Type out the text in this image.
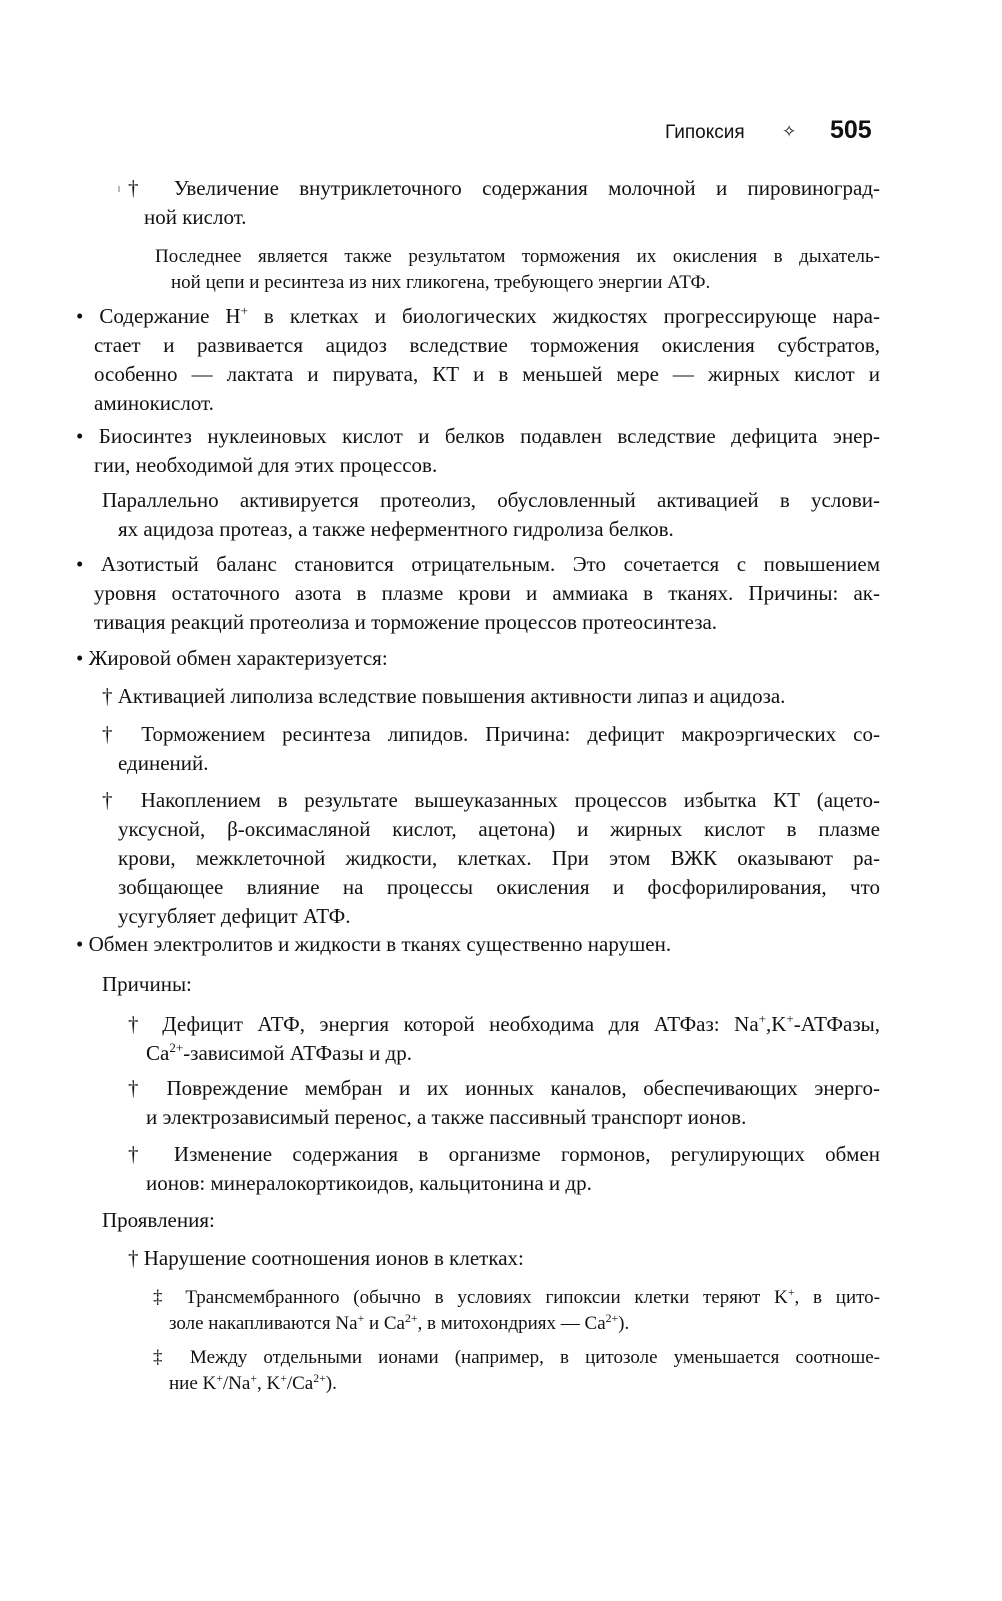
Гипоксия ✧ 505
† Увеличение внутриклеточного содержания молочной и пировиноград-
ной кислот.
Последнее является также результатом торможения их окисления в дыхатель-
ной цепи и ресинтеза из них гликогена, требующего энергии АТФ.
• Содержание H+ в клетках и биологических жидкостях прогрессирующе нара-
стает и развивается ацидоз вследствие торможения окисления субстратов,
особенно — лактата и пирувата, КТ и в меньшей мере — жирных кислот и
аминокислот.
• Биосинтез нуклеиновых кислот и белков подавлен вследствие дефицита энер-
гии, необходимой для этих процессов.
Параллельно активируется протеолиз, обусловленный активацией в услови-
ях ацидоза протеаз, а также неферментного гидролиза белков.
• Азотистый баланс становится отрицательным. Это сочетается с повышением
уровня остаточного азота в плазме крови и аммиака в тканях. Причины: ак-
тивация реакций протеолиза и торможение процессов протеосинтеза.
• Жировой обмен характеризуется:
† Активацией липолиза вследствие повышения активности липаз и ацидоза.
† Торможением ресинтеза липидов. Причина: дефицит макроэргических со-
единений.
† Накоплением в результате вышеуказанных процессов избытка КТ (ацето-
уксусной, β-оксимасляной кислот, ацетона) и жирных кислот в плазме
крови, межклеточной жидкости, клетках. При этом ВЖК оказывают ра-
зобщающее влияние на процессы окисления и фосфорилирования, что
усугубляет дефицит АТФ.
• Обмен электролитов и жидкости в тканях существенно нарушен.
Причины:
† Дефицит АТФ, энергия которой необходима для АТФаз: Na+,K+-АТФазы,
$Ca^{2+}$-зависимой АТФазы и др.
† Повреждение мембран и их ионных каналов, обеспечивающих энерго-
и электрозависимый перенос, а также пассивный транспорт ионов.
† Изменение содержания в организме гормонов, регулирующих обмен
ионов: минералокортикоидов, кальцитонина и др.
Проявления:
† Нарушение соотношения ионов в клетках:
‡ Трансмембранного (обычно в условиях гипоксии клетки теряют K+, в цито-
золе накапливаются Na+ и $Ca^{2+}$, в митохондриях — $Ca^{2+}$).
‡ Между отдельными ионами (например, в цитозоле уменьшается соотноше-
ние K+/Na+, $K^+/Ca^{2+}$).
